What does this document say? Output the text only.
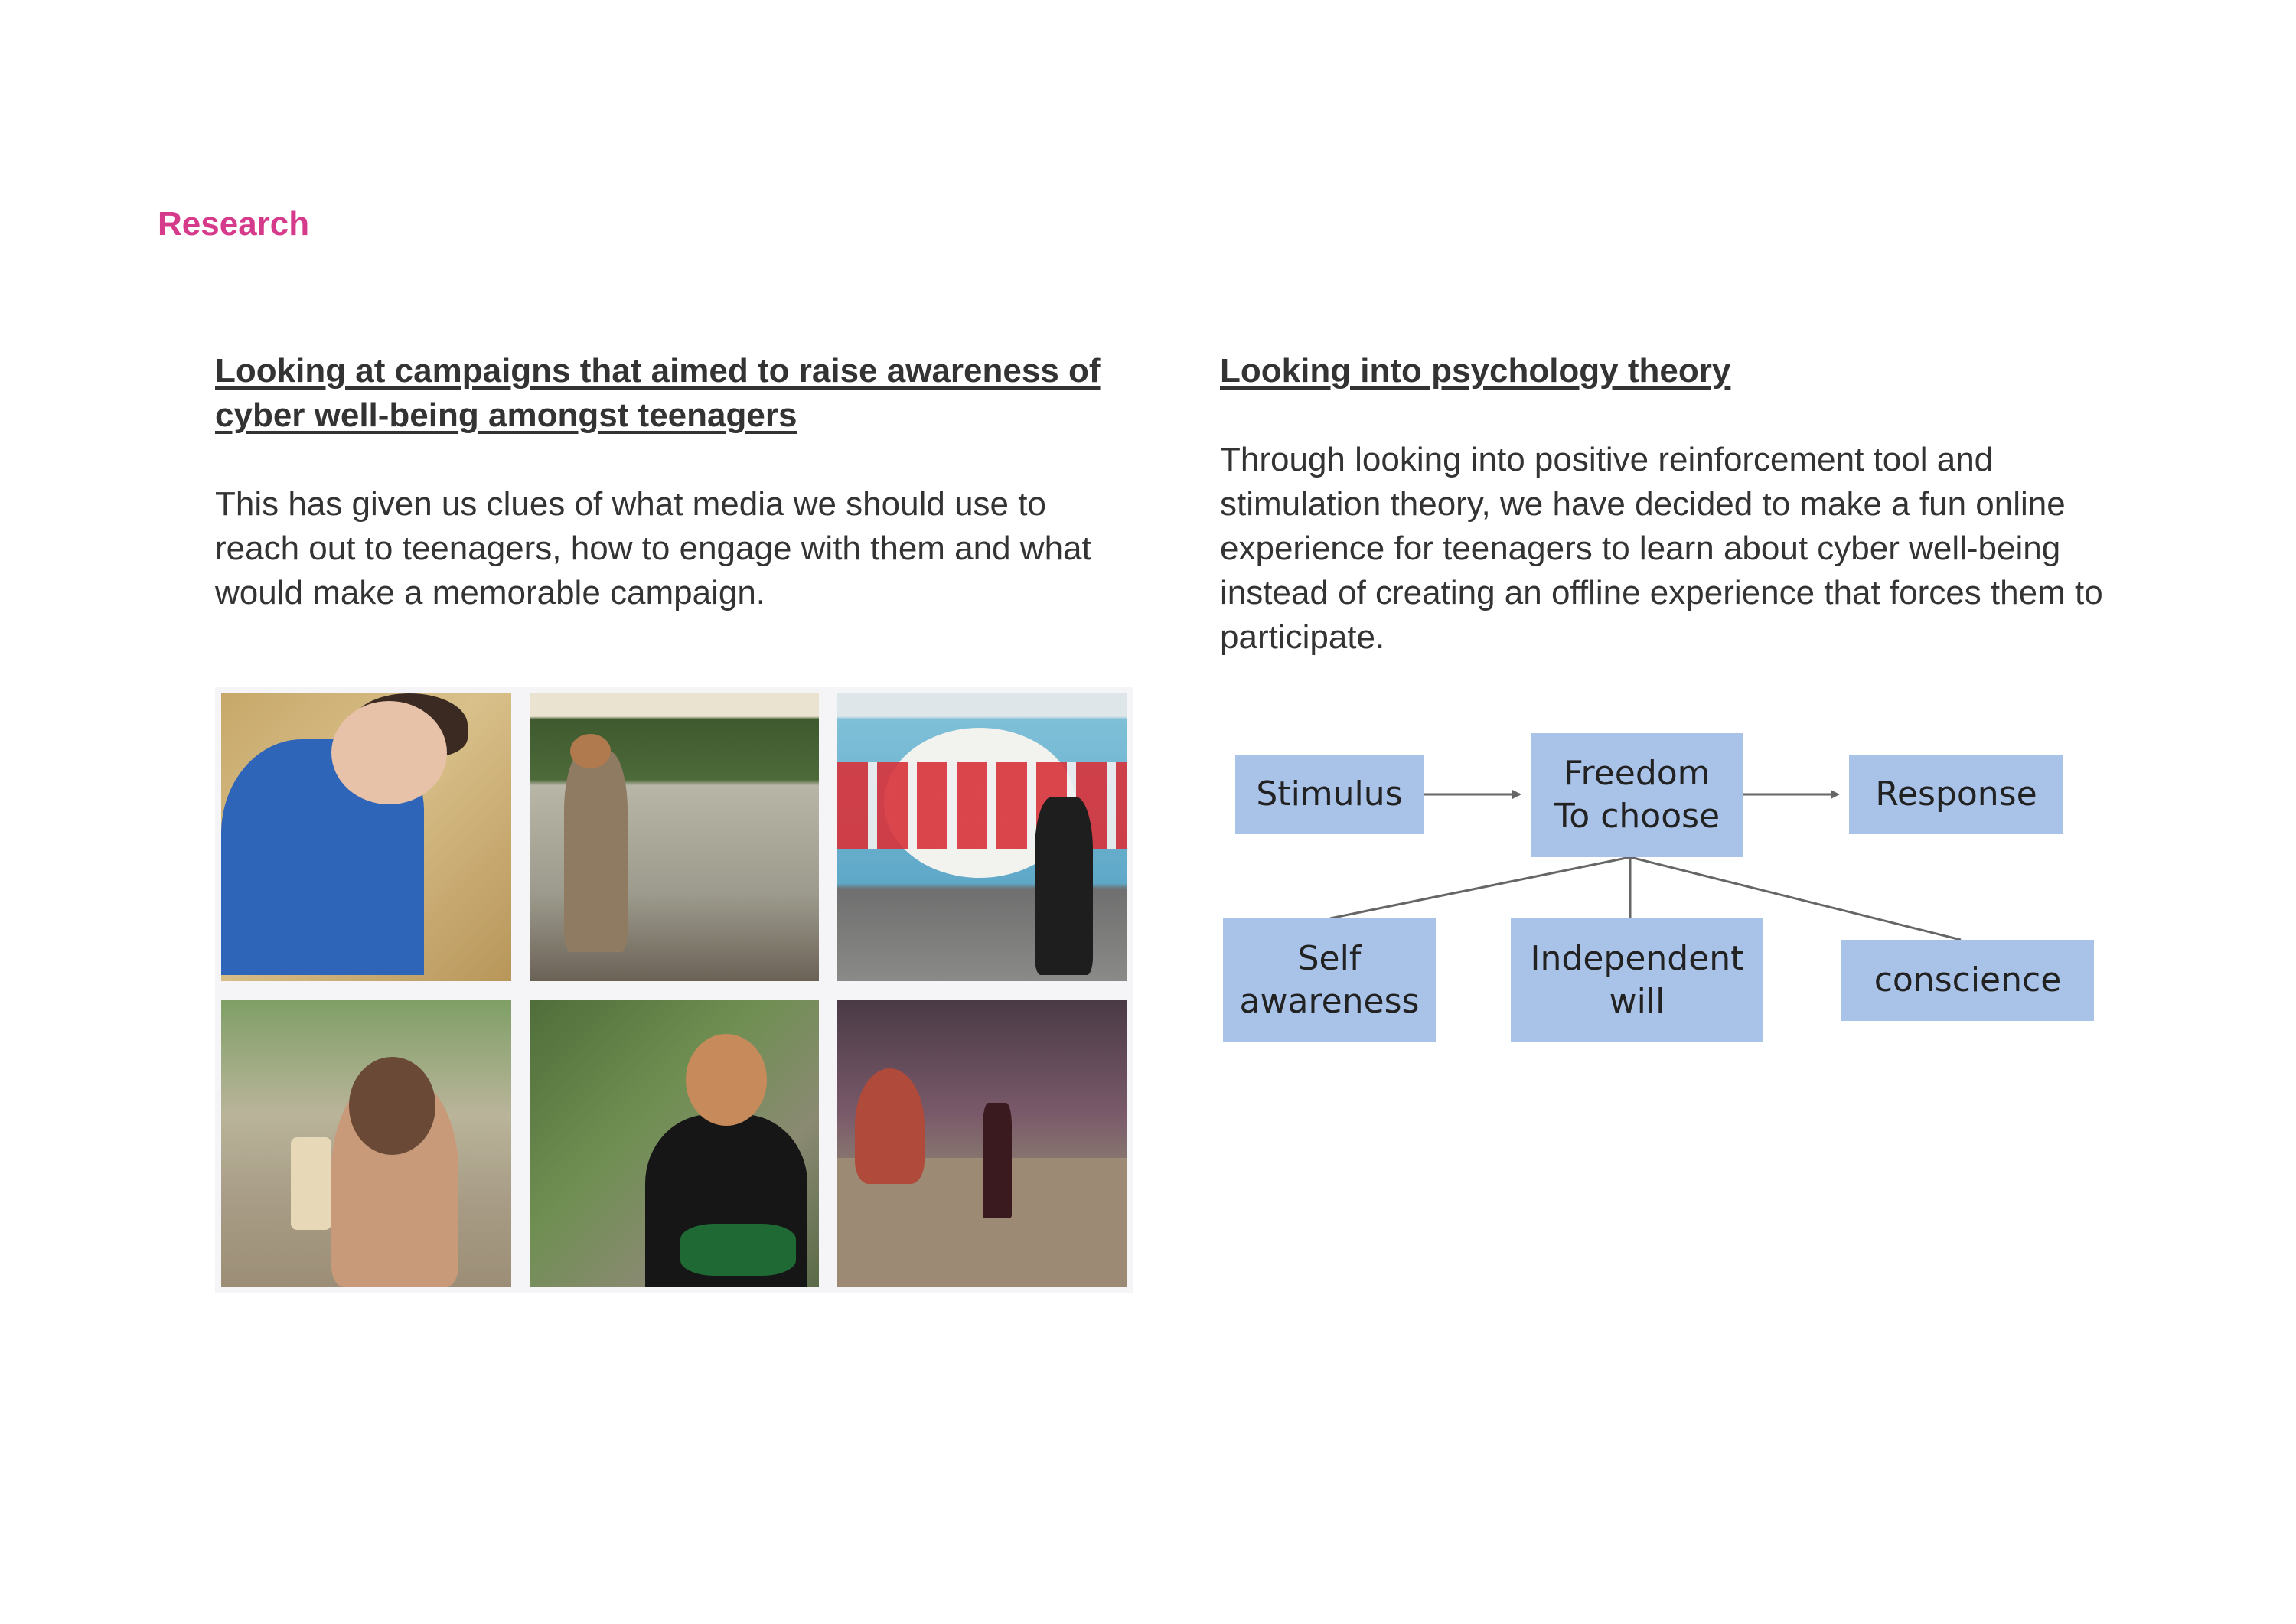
Research
Looking at campaigns that aimed to raise awareness of cyber well-being amongst teenagers

This has given us clues of what media we should use to reach out to teenagers, how to engage with them and what would make a memorable campaign.

Looking into psychology theory

Through looking into positive reinforcement tool and stimulation theory, we have decided to make a fun online experience for teenagers to learn about cyber well-being instead of creating an offline experience that forces them to participate.

Stimulus
Freedom
To choose
Response
Self
awareness
Independent
will
conscience
